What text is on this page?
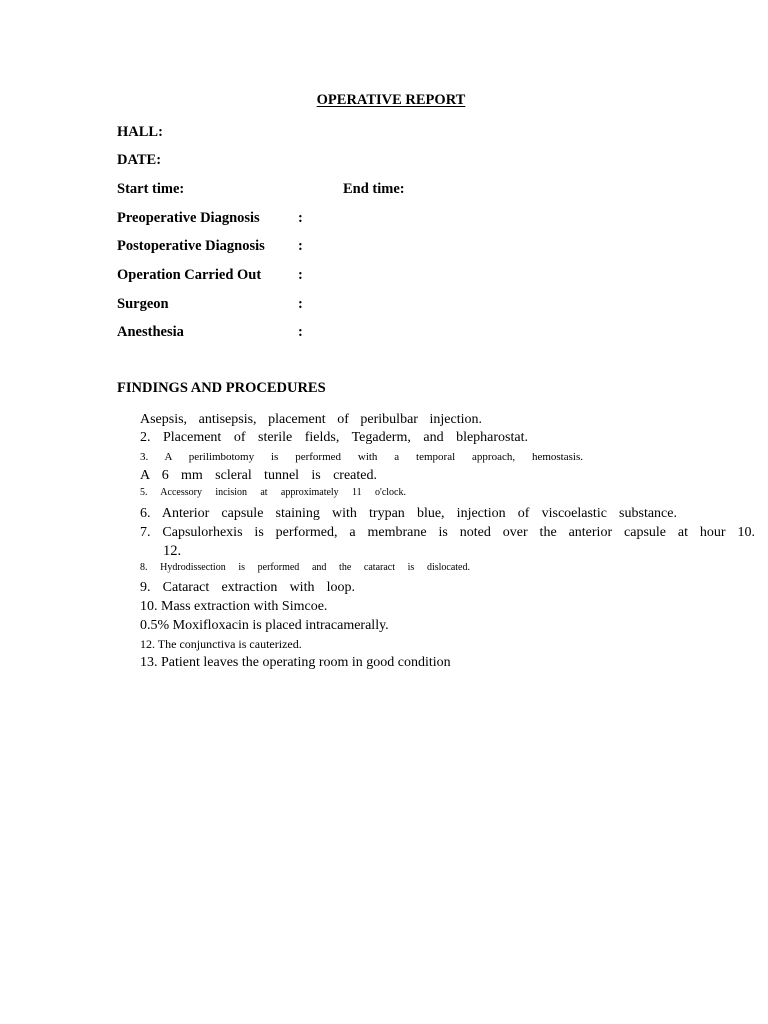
OPERATIVE REPORT
HALL:
DATE:
Start time:	End time:
Preoperative Diagnosis	:
Postoperative Diagnosis :
Operation Carried Out	:
Surgeon	:
Anesthesia	:
FINDINGS AND PROCEDURES
Asepsis, antisepsis, placement of peribulbar injection.
2. Placement of sterile fields, Tegaderm, and blepharostat.
3. A perilimbotomy is performed with a temporal approach, hemostasis.
A 6 mm scleral tunnel is created.
5. Accessory incision at approximately 11 o'clock.
6. Anterior capsule staining with trypan blue, injection of viscoelastic substance.
7. Capsulorhexis is performed, a membrane is noted over the anterior capsule at hour 10.
12.
8. Hydrodissection is performed and the cataract is dislocated.
9. Cataract extraction with loop.
10. Mass extraction with Simcoe.
0.5% Moxifloxacin is placed intracamerally.
12. The conjunctiva is cauterized.
13. Patient leaves the operating room in good condition
